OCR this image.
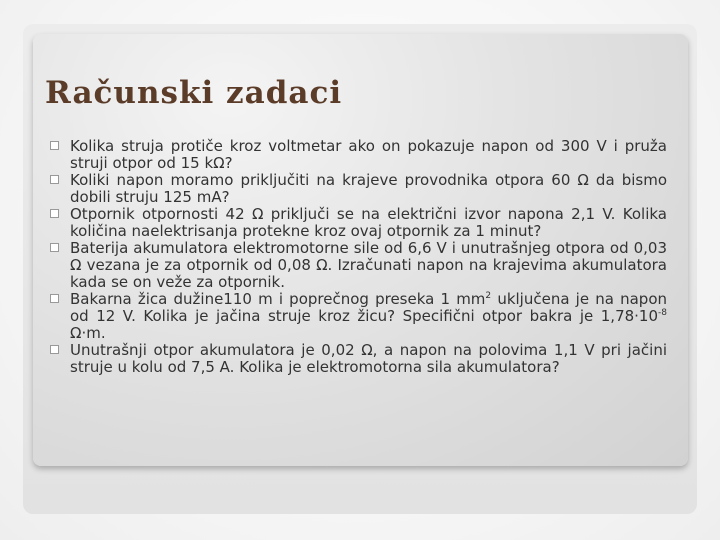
Računski zadaci
Kolika struja protiče kroz voltmetar ako on pokazuje napon od 300 V i pruža struji otpor od 15 kΩ?
Koliki napon moramo priključiti na krajeve provodnika otpora 60 Ω da bismo dobili struju 125 mA?
Otpornik otpornosti 42 Ω priključi se na električni izvor napona 2,1 V. Kolika količina naelektrisanja protekne kroz ovaj otpornik za 1 minut?
Baterija akumulatora elektromotorne sile od 6,6 V i unutrašnjeg otpora od 0,03 Ω vezana je za otpornik od 0,08 Ω. Izračunati napon na krajevima akumulatora kada se on veže za otpornik.
Bakarna žica dužine110 m i poprečnog preseka 1 $mm^2$ uključena je na napon od 12 V. Kolika je jačina struje kroz žicu? Specifični otpor bakra je $1,78\cdot 10^{-8}$ Ω·m.
Unutrašnji otpor akumulatora je 0,02 Ω, a napon na polovima 1,1 V pri jačini struje u kolu od 7,5 A. Kolika je elektromotorna sila akumulatora?
